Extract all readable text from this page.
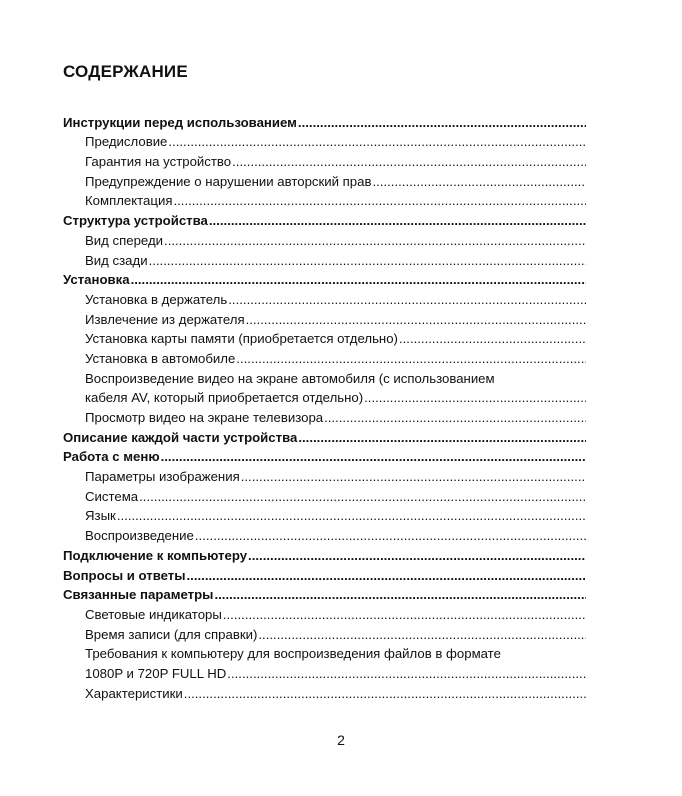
СОДЕРЖАНИЕ
Инструкции перед использованием
.....
Предисловие
.....
Гарантия на устройство
.....
Предупреждение о нарушении авторский прав
.....
Комплектация
.....
Структура устройства
.....
Вид спереди
.....
Вид сзади
.....
Установка
.....
Установка в держатель
.....
Извлечение из держателя
.....
Установка карты памяти (приобретается отдельно)
.....
Установка в автомобиле
.....
Воспроизведение видео на экране автомобиля (с использованием
кабеля AV, который приобретается отдельно)
.....
Просмотр видео на экране телевизора
.....
Описание каждой части устройства
.....
Работа с меню
.....
Параметры изображения
.....
Система
.....
Язык
.....
Воспроизведение
.....
Подключение к компьютеру
.....
Вопросы и ответы
.....
Связанные параметры
.....
Световые индикаторы
.....
Время записи (для справки)
.....
Требования к компьютеру для воспроизведения файлов в формате
1080P и 720P FULL HD
.....
Характеристики
.....
2
